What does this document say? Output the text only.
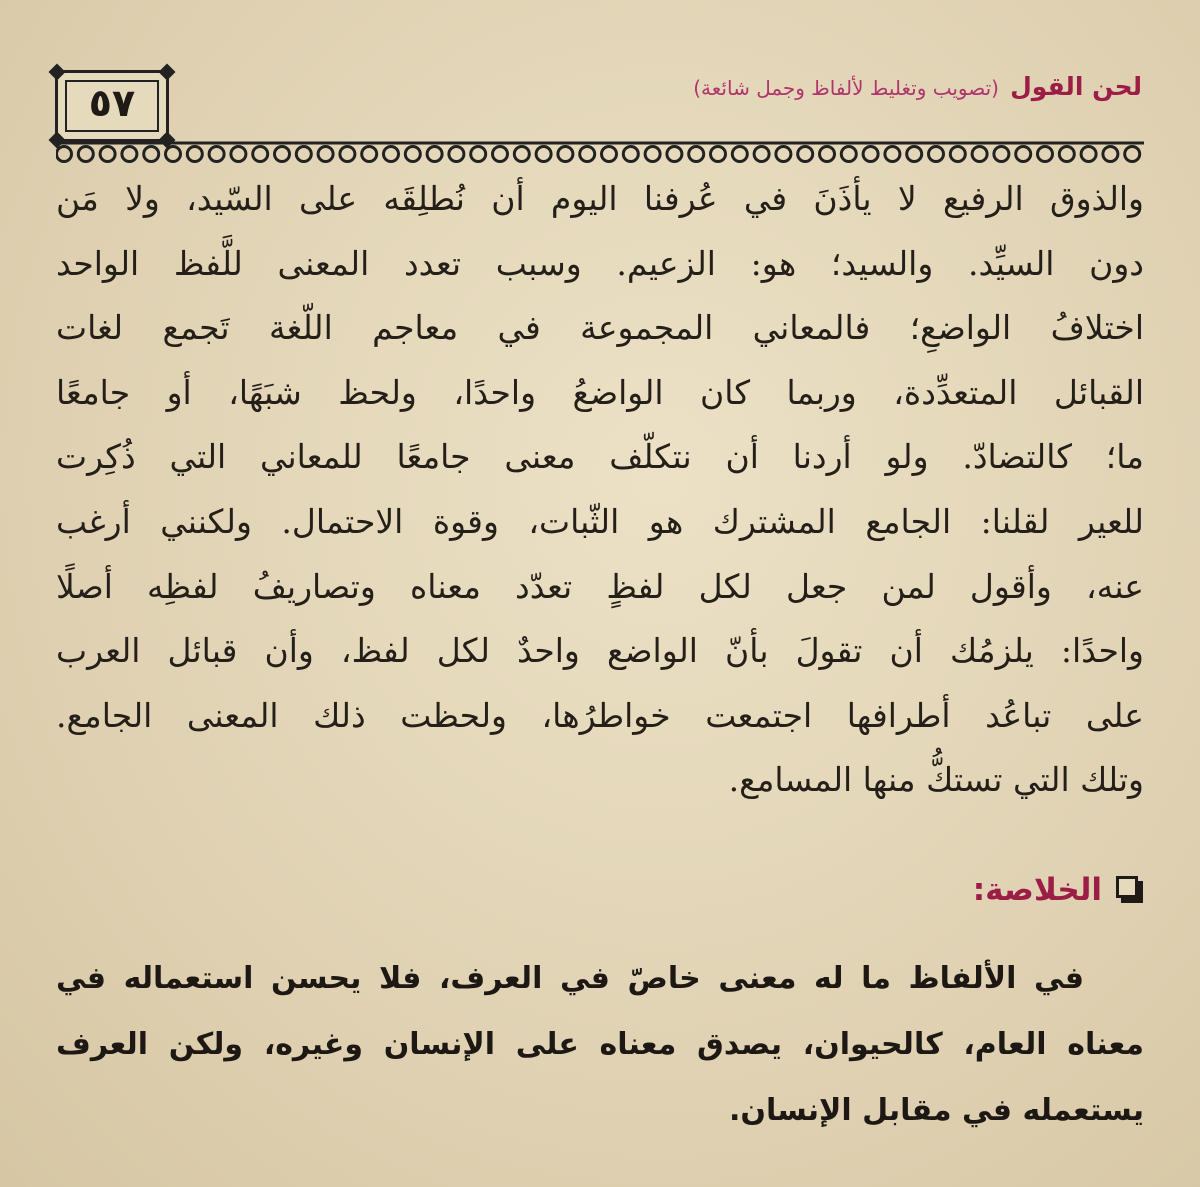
٥٧	لحن القول (تصويب وتغليط لألفاظ وجمل شائعة)
والذوق الرفيع لا يأذَنَ في عُرفنا اليوم أن نُطلِقَه على السّيد، ولا مَن
دون السيِّد. والسيد؛ هو: الزعيم. وسبب تعدد المعنى للَّفظ الواحد
اختلافُ الواضعِ؛ فالمعاني المجموعة في معاجم اللّغة تَجمع لغات
القبائل المتعدِّدة، وربما كان الواضعُ واحدًا، ولحظ شبَهًا، أو جامعًا
ما؛ كالتضادّ. ولو أردنا أن نتكلّف معنى جامعًا للمعاني التي ذُكِرت
للعير لقلنا: الجامع المشترك هو الثّبات، وقوة الاحتمال. ولكنني أرغب
عنه، وأقول لمن جعل لكل لفظٍ تعدّد معناه وتصاريفُ لفظِه أصلًا
واحدًا: يلزمُك أن تقولَ بأنّ الواضع واحدٌ لكل لفظ، وأن قبائل العرب
على تباعُد أطرافها اجتمعت خواطرُها، ولحظت ذلك المعنى الجامع.
وتلك التي تستكُّ منها المسامع.
الخلاصة:
في الألفاظ ما له معنى خاصّ في العرف، فلا يحسن استعماله في
معناه العام، كالحيوان، يصدق معناه على الإنسان وغيره، ولكن العرف
يستعمله في مقابل الإنسان.
